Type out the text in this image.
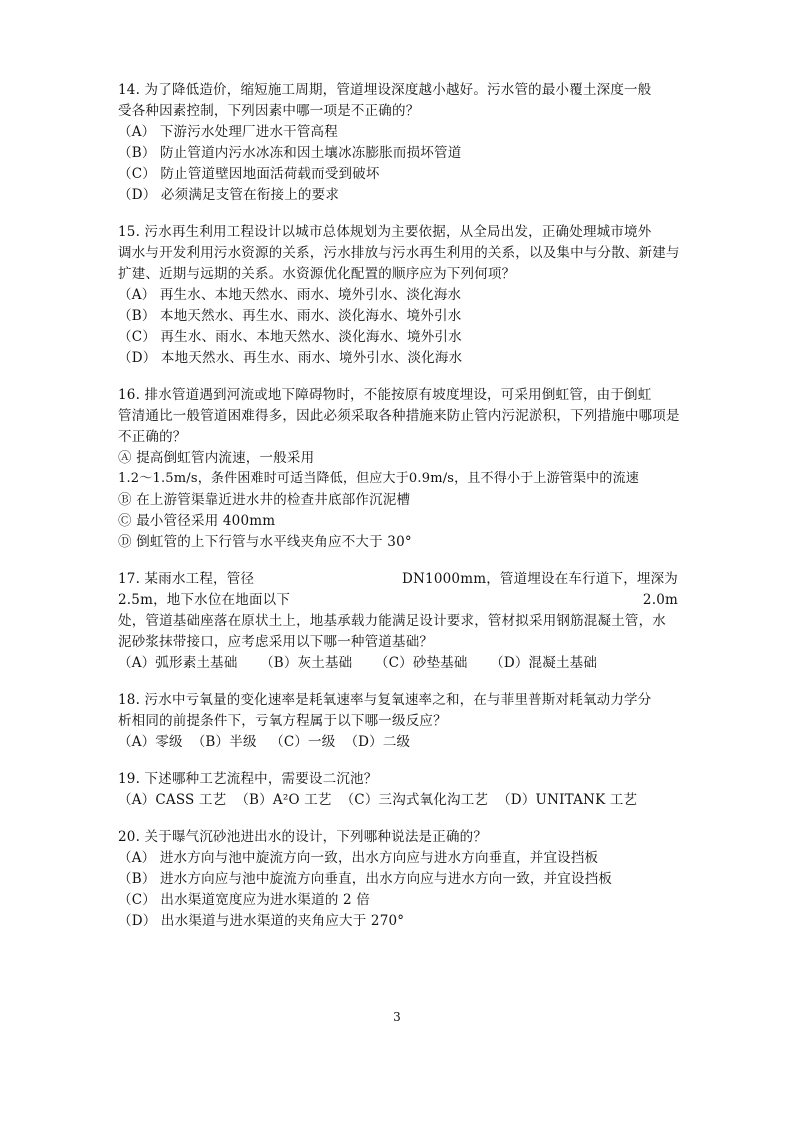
14. 为了降低造价，缩短施工周期，管道埋设深度越小越好。污水管的最小覆土深度一般
受各种因素控制，下列因素中哪一项是不正确的？
（A） 下游污水处理厂进水干管高程
（B） 防止管道内污水冰冻和因土壤冰冻膨胀而损坏管道
（C） 防止管道壁因地面活荷载而受到破坏
（D） 必须满足支管在衔接上的要求
15. 污水再生利用工程设计以城市总体规划为主要依据，从全局出发，正确处理城市境外
调水与开发利用污水资源的关系，污水排放与污水再生利用的关系，以及集中与分散、新建与
扩建、近期与远期的关系。水资源优化配置的顺序应为下列何项？
（A） 再生水、本地天然水、雨水、境外引水、淡化海水
（B） 本地天然水、再生水、雨水、淡化海水、境外引水
（C） 再生水、雨水、本地天然水、淡化海水、境外引水
（D） 本地天然水、再生水、雨水、境外引水、淡化海水
16. 排水管道遇到河流或地下障碍物时，不能按原有坡度埋设，可采用倒虹管，由于倒虹
管清通比一般管道困难得多，因此必须采取各种措施来防止管内污泥淤积，下列措施中哪项是
不正确的？
Ⓐ 提高倒虹管内流速，一般采用
1.2～1.5m/s，条件困难时可适当降低，但应大于0.9m/s，且不得小于上游管渠中的流速
Ⓑ 在上游管渠靠近进水井的检查井底部作沉泥槽
Ⓒ 最小管径采用 400mm
Ⓓ 倒虹管的上下行管与水平线夹角应不大于 30°
17. 某雨水工程，管径	DN1000mm，管道埋设在车行道下，埋深为
2.5m，地下水位在地面以下	2.0m
处，管道基础座落在原状土上，地基承载力能满足设计要求，管材拟采用钢筋混凝土管，水
泥砂浆抹带接口，应考虑采用以下哪一种管道基础？
（A）弧形素土基础 （B）灰土基础 （C）砂垫基础 （D）混凝土基础
18. 污水中亏氧量的变化速率是耗氧速率与复氧速率之和，在与菲里普斯对耗氧动力学分
析相同的前提条件下，亏氧方程属于以下哪一级反应？
（A）零级  （B）半级   （C）一级  （D）二级
19. 下述哪种工艺流程中，需要设二沉池？
（A）CASS 工艺  （B）A²O 工艺  （C）三沟式氧化沟工艺  （D）UNITANK 工艺
20. 关于曝气沉砂池进出水的设计，下列哪种说法是正确的？
（A） 进水方向与池中旋流方向一致，出水方向应与进水方向垂直，并宜设挡板
（B） 进水方向应与池中旋流方向垂直，出水方向应与进水方向一致，并宜设挡板
（C） 出水渠道宽度应为进水渠道的 2 倍
（D） 出水渠道与进水渠道的夹角应大于 270°
3
